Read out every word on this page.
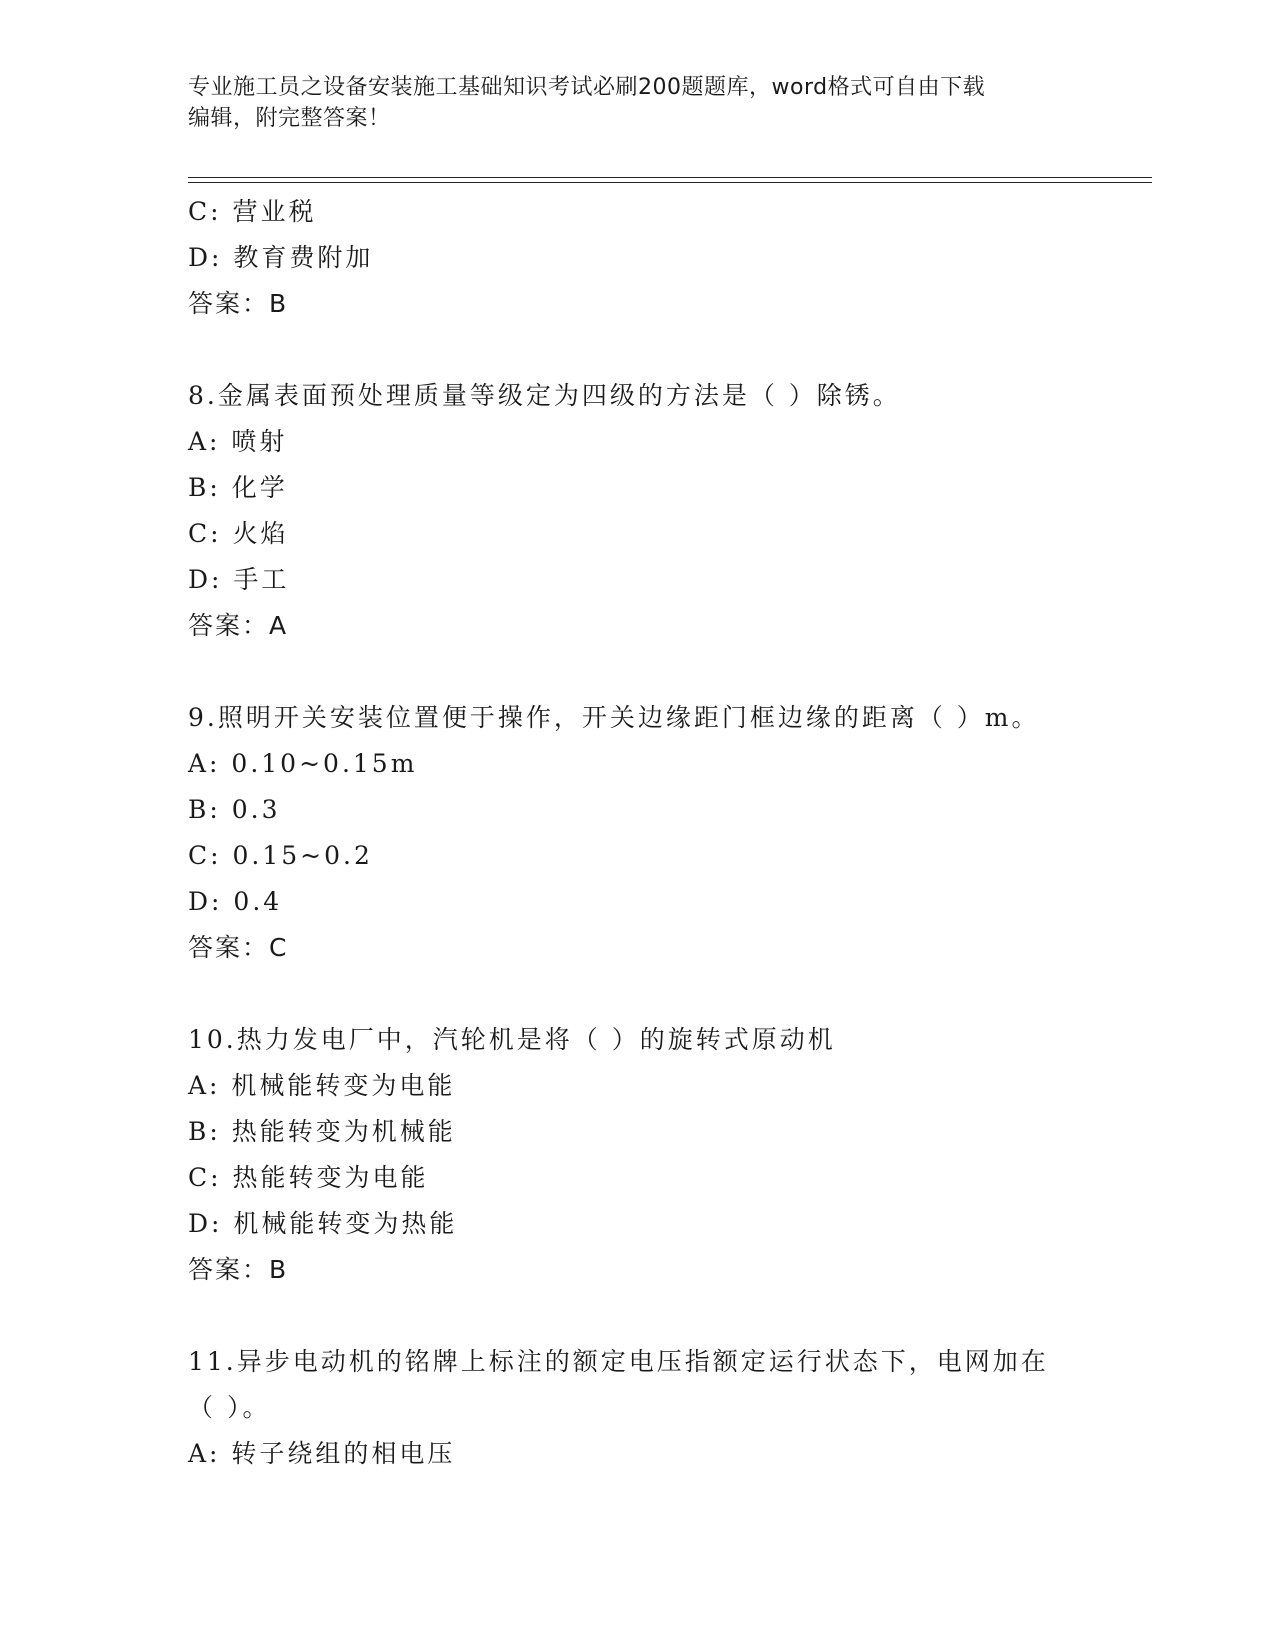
专业施工员之设备安装施工基础知识考试必刷200题题库，word格式可自由下载
编辑，附完整答案！
C: 营业税
D: 教育费附加
答案：B
8.金属表面预处理质量等级定为四级的方法是（ ）除锈。
A: 喷射
B: 化学
C: 火焰
D: 手工
答案：A
9.照明开关安装位置便于操作，开关边缘距门框边缘的距离（ ）m。
A: 0.10~0.15m
B: 0.3
C: 0.15~0.2
D: 0.4
答案：C
10.热力发电厂中，汽轮机是将（ ）的旋转式原动机
A: 机械能转变为电能
B: 热能转变为机械能
C: 热能转变为电能
D: 机械能转变为热能
答案：B
11.异步电动机的铭牌上标注的额定电压指额定运行状态下，电网加在
（ ）。
A: 转子绕组的相电压
